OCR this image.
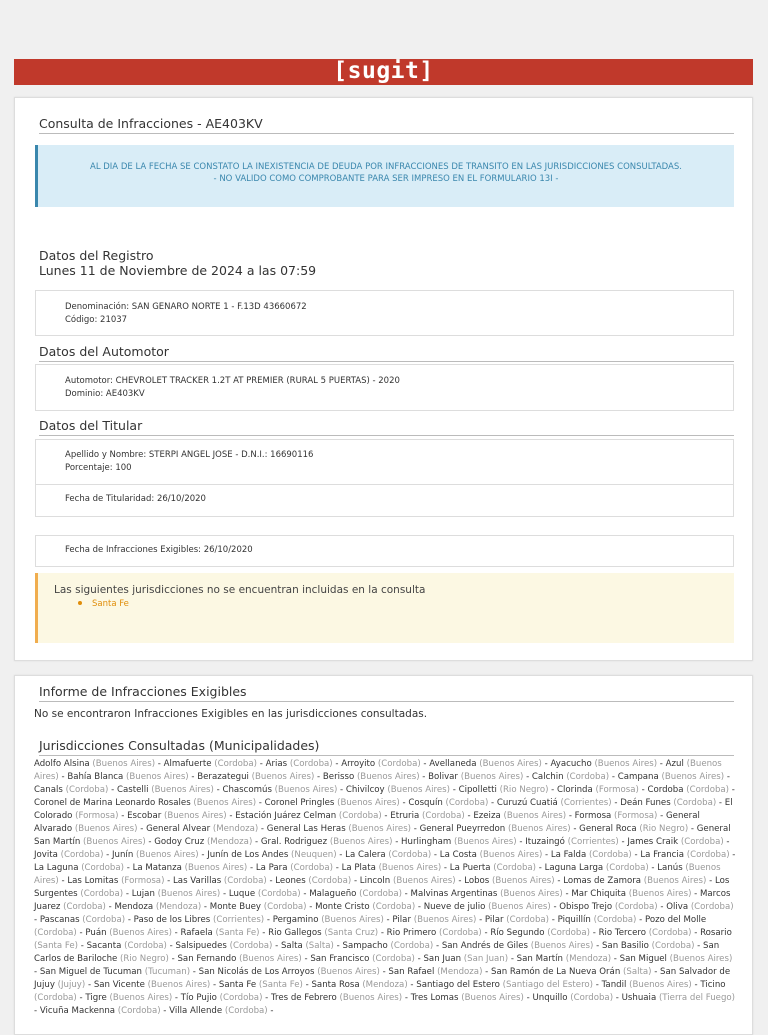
[sugit]
Consulta de Infracciones - AE403KV
AL DIA DE LA FECHA SE CONSTATO LA INEXISTENCIA DE DEUDA POR INFRACCIONES DE TRANSITO EN LAS JURISDICCIONES CONSULTADAS.
- NO VALIDO COMO COMPROBANTE PARA SER IMPRESO EN EL FORMULARIO 13I -
Datos del Registro
Lunes 11 de Noviembre de 2024 a las 07:59
Denominación: SAN GENARO NORTE 1 - F.13D 43660672
Código: 21037
Datos del Automotor
Automotor: CHEVROLET TRACKER 1.2T AT PREMIER (RURAL 5 PUERTAS) - 2020
Dominio: AE403KV
Datos del Titular
Apellido y Nombre: STERPI ANGEL JOSE - D.N.I.: 16690116
Porcentaje: 100
Fecha de Titularidad: 26/10/2020
Fecha de Infracciones Exigibles: 26/10/2020
Las siguientes jurisdicciones no se encuentran incluidas en la consulta
Santa Fe
Informe de Infracciones Exigibles
No se encontraron Infracciones Exigibles en las jurisdicciones consultadas.
Jurisdicciones Consultadas (Municipalidades)
Adolfo Alsina (Buenos Aires) - Almafuerte (Cordoba) - Arias (Cordoba) - Arroyito (Cordoba) - Avellaneda (Buenos Aires) - Ayacucho (Buenos Aires) - Azul (Buenos Aires) - Bahía Blanca (Buenos Aires) - Berazategui (Buenos Aires) - Berisso (Buenos Aires) - Bolivar (Buenos Aires) - Calchin (Cordoba) - Campana (Buenos Aires) - Canals (Cordoba) - Castelli (Buenos Aires) - Chascomús (Buenos Aires) - Chivilcoy (Buenos Aires) - Cipolletti (Rio Negro) - Clorinda (Formosa) - Cordoba (Cordoba) - Coronel de Marina Leonardo Rosales (Buenos Aires) - Coronel Pringles (Buenos Aires) - Cosquín (Cordoba) - Curuzú Cuatiá (Corrientes) - Deán Funes (Cordoba) - El Colorado (Formosa) - Escobar (Buenos Aires) - Estación Juárez Celman (Cordoba) - Etruria (Cordoba) - Ezeiza (Buenos Aires) - Formosa (Formosa) - General Alvarado (Buenos Aires) - General Alvear (Mendoza) - General Las Heras (Buenos Aires) - General Pueyrredon (Buenos Aires) - General Roca (Rio Negro) - General San Martín (Buenos Aires) - Godoy Cruz (Mendoza) - Gral. Rodriguez (Buenos Aires) - Hurlingham (Buenos Aires) - Ituzaingó (Corrientes) - James Craik (Cordoba) - Jovita (Cordoba) - Junín (Buenos Aires) - Junín de Los Andes (Neuquen) - La Calera (Cordoba) - La Costa (Buenos Aires) - La Falda (Cordoba) - La Francia (Cordoba) - La Laguna (Cordoba) - La Matanza (Buenos Aires) - La Para (Cordoba) - La Plata (Buenos Aires) - La Puerta (Cordoba) - Laguna Larga (Cordoba) - Lanús (Buenos Aires) - Las Lomitas (Formosa) - Las Varillas (Cordoba) - Leones (Cordoba) - Lincoln (Buenos Aires) - Lobos (Buenos Aires) - Lomas de Zamora (Buenos Aires) - Los Surgentes (Cordoba) - Lujan (Buenos Aires) - Luque (Cordoba) - Malagueño (Cordoba) - Malvinas Argentinas (Buenos Aires) - Mar Chiquita (Buenos Aires) - Marcos Juarez (Cordoba) - Mendoza (Mendoza) - Monte Buey (Cordoba) - Monte Cristo (Cordoba) - Nueve de julio (Buenos Aires) - Obispo Trejo (Cordoba) - Oliva (Cordoba) - Pascanas (Cordoba) - Paso de los Libres (Corrientes) - Pergamino (Buenos Aires) - Pilar (Buenos Aires) - Pilar (Cordoba) - Piquillín (Cordoba) - Pozo del Molle (Cordoba) - Puán (Buenos Aires) - Rafaela (Santa Fe) - Rio Gallegos (Santa Cruz) - Rio Primero (Cordoba) - Río Segundo (Cordoba) - Rio Tercero (Cordoba) - Rosario (Santa Fe) - Sacanta (Cordoba) - Salsipuedes (Cordoba) - Salta (Salta) - Sampacho (Cordoba) - San Andrés de Giles (Buenos Aires) - San Basilio (Cordoba) - San Carlos de Bariloche (Rio Negro) - San Fernando (Buenos Aires) - San Francisco (Cordoba) - San Juan (San Juan) - San Martín (Mendoza) - San Miguel (Buenos Aires) - San Miguel de Tucuman (Tucuman) - San Nicolás de Los Arroyos (Buenos Aires) - San Rafael (Mendoza) - San Ramón de La Nueva Orán (Salta) - San Salvador de Jujuy (Jujuy) - San Vicente (Buenos Aires) - Santa Fe (Santa Fe) - Santa Rosa (Mendoza) - Santiago del Estero (Santiago del Estero) - Tandil (Buenos Aires) - Ticino (Cordoba) - Tigre (Buenos Aires) - Tío Pujio (Cordoba) - Tres de Febrero (Buenos Aires) - Tres Lomas (Buenos Aires) - Unquillo (Cordoba) - Ushuaia (Tierra del Fuego) - Vicuña Mackenna (Cordoba) - Villa Allende (Cordoba) -
